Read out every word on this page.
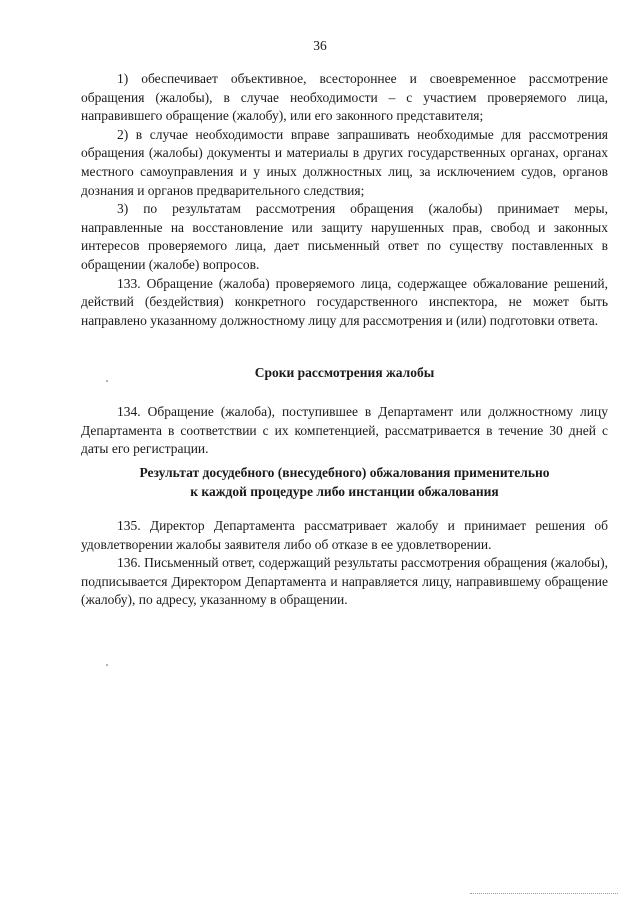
36

1) обеспечивает объективное, всестороннее и своевременное рассмотрение обращения (жалобы), в случае необходимости – с участием проверяемого лица, направившего обращение (жалобу), или его законного представителя;

2) в случае необходимости вправе запрашивать необходимые для рассмотрения обращения (жалобы) документы и материалы в других государственных органах, органах местного самоуправления и у иных должностных лиц, за исключением судов, органов дознания и органов предварительного следствия;

3) по результатам рассмотрения обращения (жалобы) принимает меры, направленные на восстановление или защиту нарушенных прав, свобод и законных интересов проверяемого лица, дает письменный ответ по существу поставленных в обращении (жалобе) вопросов.

133. Обращение (жалоба) проверяемого лица, содержащее обжалование решений, действий (бездействия) конкретного государственного инспектора, не может быть направлено указанному должностному лицу для рассмотрения и (или) подготовки ответа.

Сроки рассмотрения жалобы

134. Обращение (жалоба), поступившее в Департамент или должностному лицу Департамента в соответствии с их компетенцией, рассматривается в течение 30 дней с даты его регистрации.

Результат досудебного (внесудебного) обжалования применительно
к каждой процедуре либо инстанции обжалования

135. Директор Департамента рассматривает жалобу и принимает решения об удовлетворении жалобы заявителя либо об отказе в ее удовлетворении.

136. Письменный ответ, содержащий результаты рассмотрения обращения (жалобы), подписывается Директором Департамента и направляется лицу, направившему обращение (жалобу), по адресу, указанному в обращении.
